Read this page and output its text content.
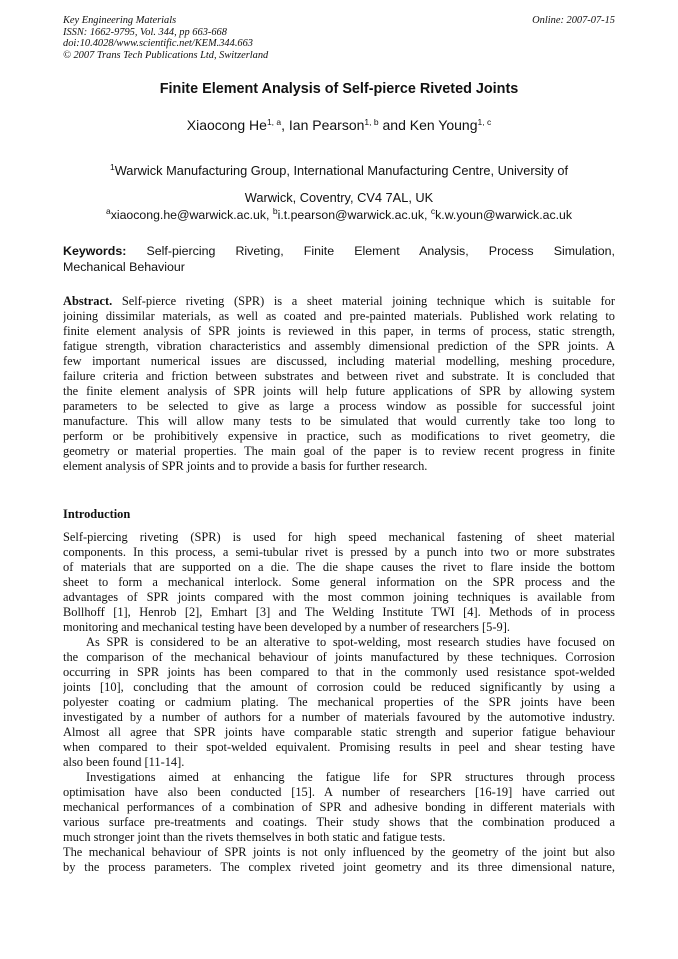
Key Engineering Materials
ISSN: 1662-9795, Vol. 344, pp 663-668
doi:10.4028/www.scientific.net/KEM.344.663
© 2007 Trans Tech Publications Ltd, Switzerland
Online: 2007-07-15
Finite Element Analysis of Self-pierce Riveted Joints
Xiaocong He$^{1, a}$, Ian Pearson$^{1, b}$ and Ken Young$^{1, c}$
$^1$Warwick Manufacturing Group, International Manufacturing Centre, University of
Warwick, Coventry, CV4 7AL, UK
$^a$xiaocong.he@warwick.ac.uk, $^b$i.t.pearson@warwick.ac.uk, $^c$k.w.youn@warwick.ac.uk
Keywords: Self-piercing Riveting, Finite Element Analysis, Process Simulation,
Mechanical Behaviour
Abstract. Self-pierce riveting (SPR) is a sheet material joining technique which is suitable for
joining dissimilar materials, as well as coated and pre-painted materials. Published work relating to
finite element analysis of SPR joints is reviewed in this paper, in terms of process, static strength,
fatigue strength, vibration characteristics and assembly dimensional prediction of the SPR joints. A
few important numerical issues are discussed, including material modelling, meshing procedure,
failure criteria and friction between substrates and between rivet and substrate. It is concluded that
the finite element analysis of SPR joints will help future applications of SPR by allowing system
parameters to be selected to give as large a process window as possible for successful joint
manufacture. This will allow many tests to be simulated that would currently take too long to
perform or be prohibitively expensive in practice, such as modifications to rivet geometry, die
geometry or material properties. The main goal of the paper is to review recent progress in finite
element analysis of SPR joints and to provide a basis for further research.
Introduction
Self-piercing riveting (SPR) is used for high speed mechanical fastening of sheet material
components. In this process, a semi-tubular rivet is pressed by a punch into two or more substrates
of materials that are supported on a die. The die shape causes the rivet to flare inside the bottom
sheet to form a mechanical interlock. Some general information on the SPR process and the
advantages of SPR joints compared with the most common joining techniques is available from
Bollhoff [1], Henrob [2], Emhart [3] and The Welding Institute TWI [4]. Methods of in process
monitoring and mechanical testing have been developed by a number of researchers [5-9].
As SPR is considered to be an alterative to spot-welding, most research studies have focused on
the comparison of the mechanical behaviour of joints manufactured by these techniques. Corrosion
occurring in SPR joints has been compared to that in the commonly used resistance spot-welded
joints [10], concluding that the amount of corrosion could be reduced significantly by using a
polyester coating or cadmium plating. The mechanical properties of the SPR joints have been
investigated by a number of authors for a number of materials favoured by the automotive industry.
Almost all agree that SPR joints have comparable static strength and superior fatigue behaviour
when compared to their spot-welded equivalent. Promising results in peel and shear testing have
also been found [11-14].
Investigations aimed at enhancing the fatigue life for SPR structures through process
optimisation have also been conducted [15]. A number of researchers [16-19] have carried out
mechanical performances of a combination of SPR and adhesive bonding in different materials with
various surface pre-treatments and coatings. Their study shows that the combination produced a
much stronger joint than the rivets themselves in both static and fatigue tests.
The mechanical behaviour of SPR joints is not only influenced by the geometry of the joint but also
by the process parameters. The complex riveted joint geometry and its three dimensional nature,
